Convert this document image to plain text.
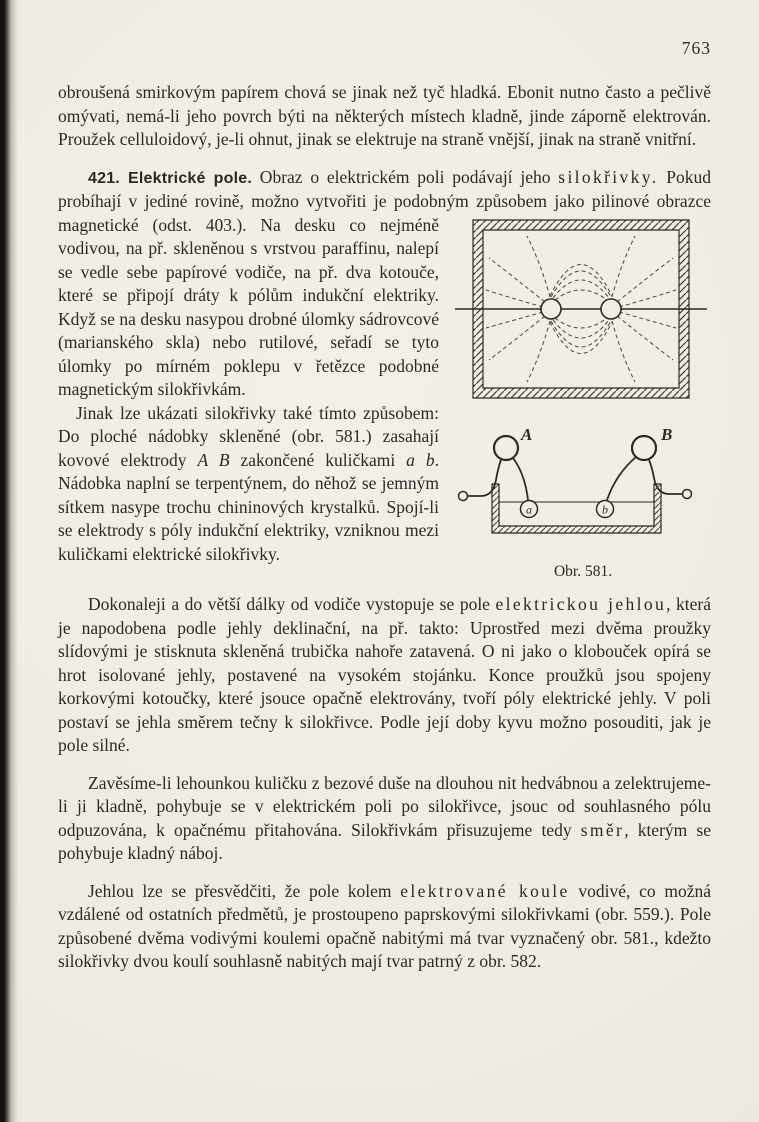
763

obroušená smirkovým papírem chová se jinak než tyč hladká. Ebonit nutno často a pečlivě omývati, nemá-li jeho povrch býti na některých místech kladně, jinde záporně elektrován. Proužek celluloidový, je-li ohnut, jinak se elektruje na straně vnější, jinak na straně vnitřní.

421. Elektrické pole. Obraz o elektrickém poli podávají jeho silokřivky. Pokud probíhají v jediné rovině, možno vytvořiti je podobným způsobem jako pilinové obrazce magnetické
A	B
a	b
Obr. 581.
(odst. 403.). Na desku co nejméně vodivou, na př. skleněnou s vrstvou paraffinu, nalepí se vedle sebe papírové vodiče, na př. dva kotouče, které se připojí dráty k pólům indukční elektriky. Když se na desku nasypou drobné úlomky sádrovcové (marianského skla) nebo rutilové, seřadí se tyto úlomky po mírném poklepu v řetězce podobné magnetickým silokřivkám.

Jinak lze ukázati silokřivky také tímto způsobem: Do ploché nádobky skleněné (obr. 581.) zasahají kovové elektrody A B zakončené kuličkami a b. Nádobka naplní se terpentýnem, do něhož se jemným sítkem nasype trochu chininových krystalků. Spojí-li se elektrody s póly indukční elektriky, vzniknou mezi kuličkami elektrické silokřivky.

Dokonaleji a do větší dálky od vodiče vystopuje se pole elektrickou jehlou, která je napodobena podle jehly deklinační, na př. takto: Uprostřed mezi dvěma proužky slídovými je stisknuta skleněná trubička nahoře zatavená. O ni jako o klobouček opírá se hrot isolované jehly, postavené na vysokém stojánku. Konce proužků jsou spojeny korkovými kotoučky, které jsouce opačně elektrovány, tvoří póly elektrické jehly. V poli postaví se jehla směrem tečny k silokřivce. Podle její doby kyvu možno posouditi, jak je pole silné.

Zavěsíme-li lehounkou kuličku z bezové duše na dlouhou nit hedvábnou a zelektrujeme-li ji kladně, pohybuje se v elektrickém poli po silokřivce, jsouc od souhlasného pólu odpuzována, k opačnému přitahována. Silokřivkám přisuzujeme tedy směr, kterým se pohybuje kladný náboj.

Jehlou lze se přesvědčiti, že pole kolem elektrované koule vodivé, co možná vzdálené od ostatních předmětů, je prostoupeno paprskovými silokřivkami (obr. 559.). Pole způsobené dvěma vodivými koulemi opačně nabitými má tvar vyznačený obr. 581., kdežto silokřivky dvou koulí souhlasně nabitých mají tvar patrný z obr. 582.
